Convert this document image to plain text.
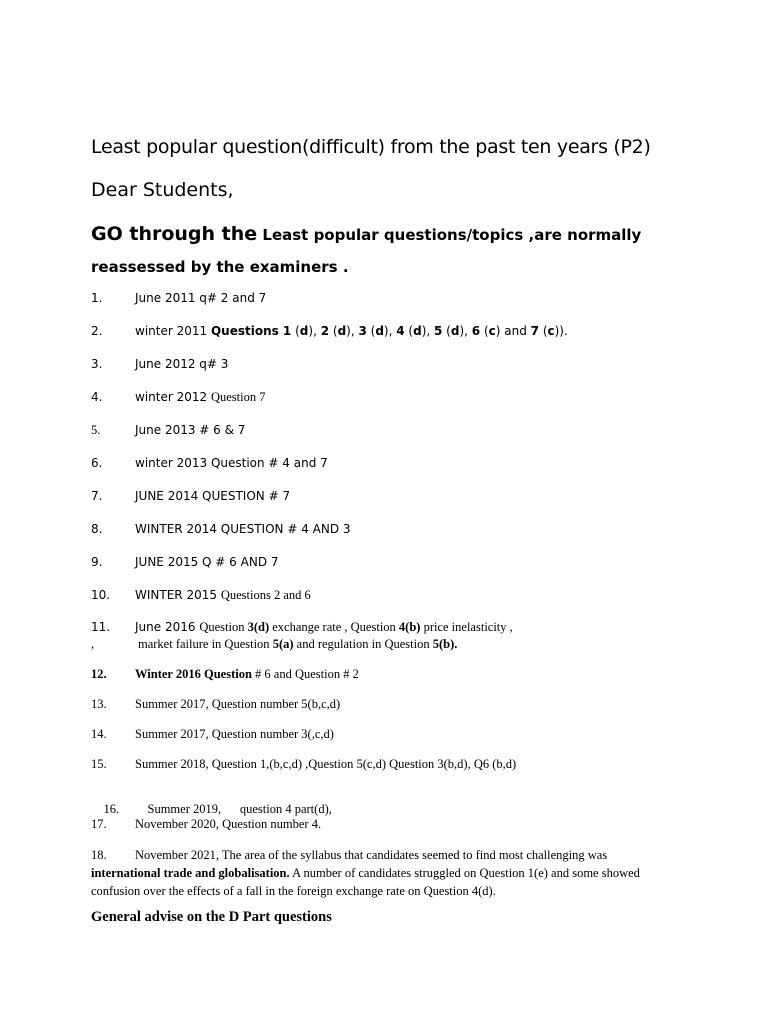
Least popular question(difficult) from the past ten years (P2)
Dear Students,
GO through the Least popular questions/topics ,are normally reassessed by the examiners .
1.	June 2011 q# 2 and 7
2.	winter 2011 Questions 1 (d), 2 (d), 3 (d), 4 (d), 5 (d), 6 (c) and 7 (c)).
3.	June 2012 q# 3
4.	winter 2012 Question 7
5.	June 2013 # 6 & 7
6.	winter 2013 Question # 4 and 7
7.	JUNE 2014 QUESTION # 7
8.	WINTER 2014 QUESTION # 4 AND 3
9.	JUNE 2015 Q # 6 AND 7
10. WINTER 2015 Questions 2 and 6
11. June 2016 Question 3(d) exchange rate , Question 4(b) price inelasticity ,
,	market failure in Question 5(a) and regulation in Question 5(b).
12. Winter 2016 Question # 6 and Question # 2
13. Summer 2017, Question number 5(b,c,d)
14. Summer 2017, Question number 3(,c,d)
15. Summer 2018, Question 1,(b,c,d) ,Question 5(c,d) Question 3(b,d), Q6 (b,d)

16. Summer 2019,      question 4 part(d),

17. November 2020, Question number 4.
18. November 2021, The area of the syllabus that candidates seemed to find most challenging was international trade and globalisation. A number of candidates struggled on Question 1(e) and some showed confusion over the effects of a fall in the foreign exchange rate on Question 4(d).
General advise on the D Part questions
